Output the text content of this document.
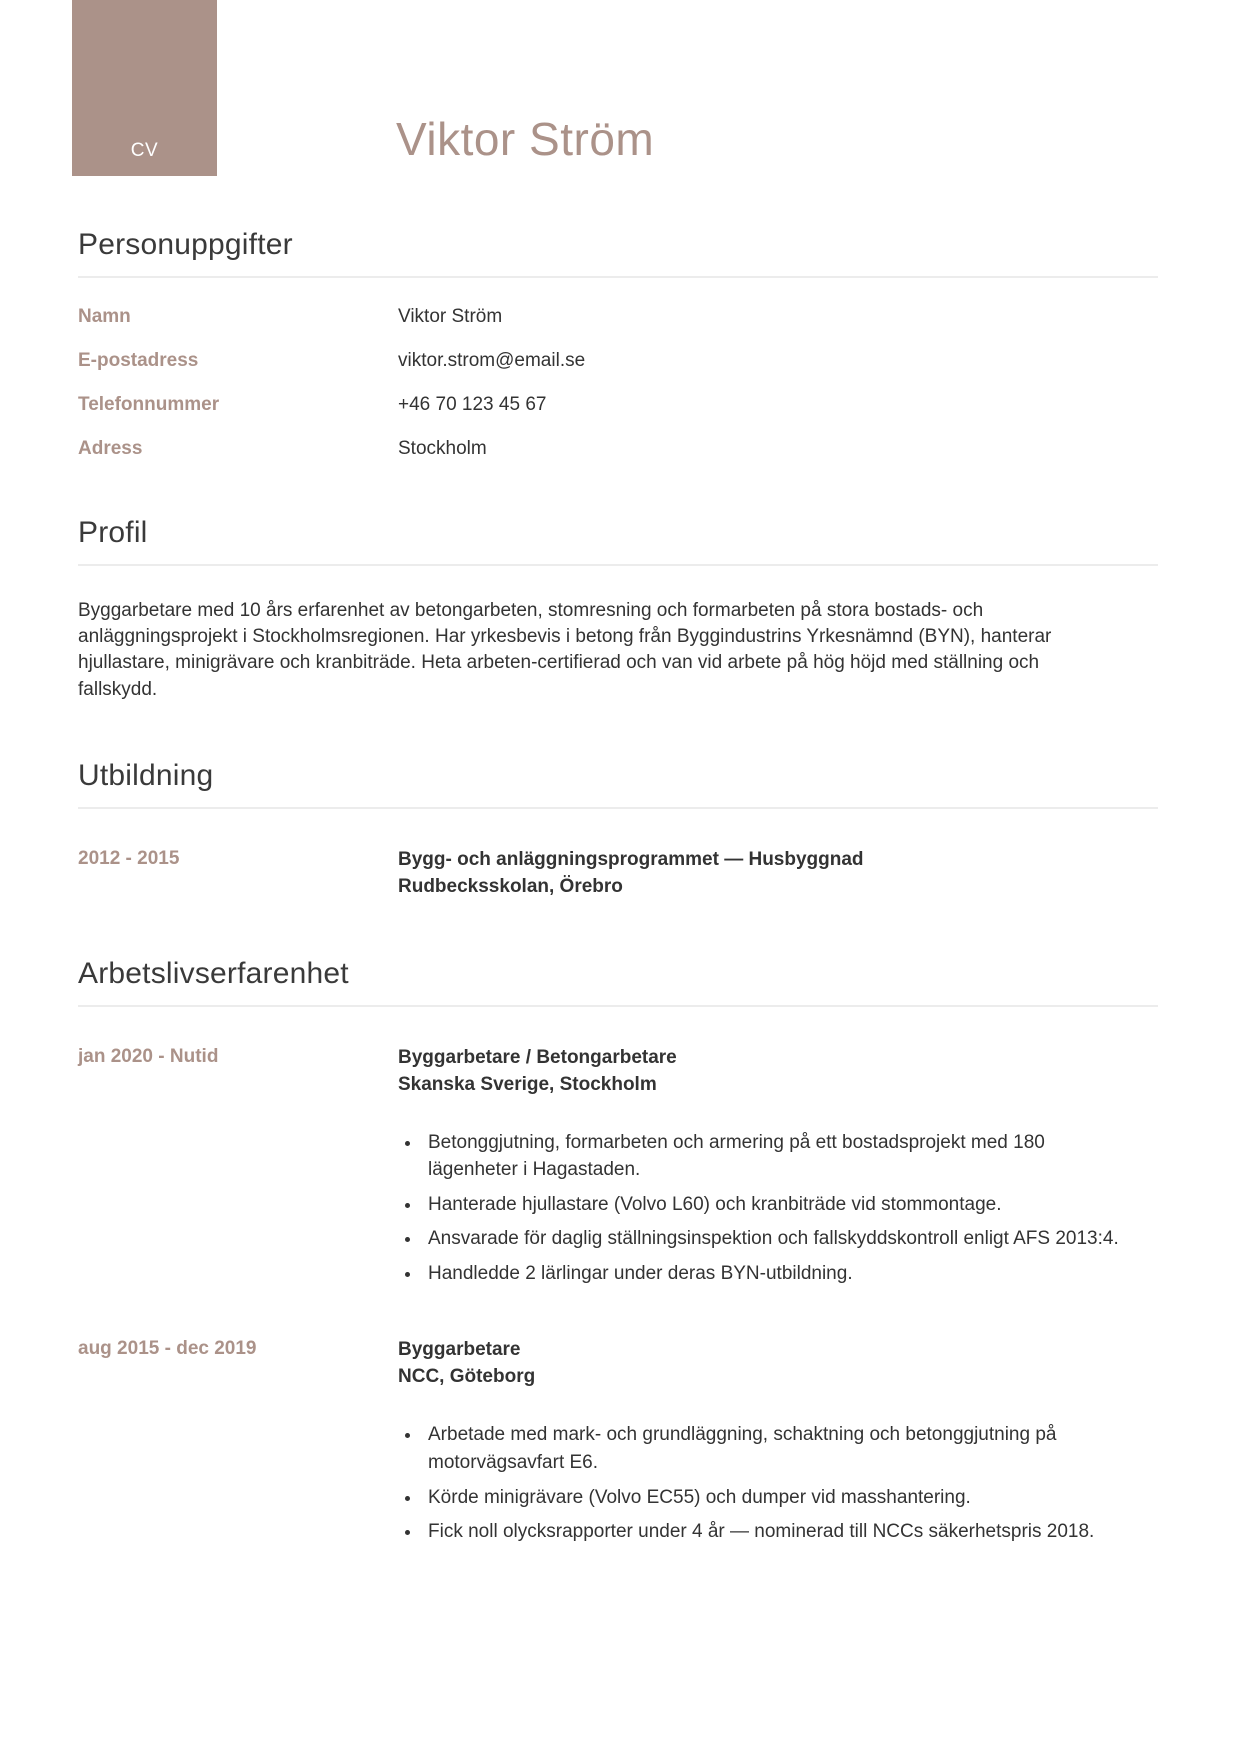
CV	Viktor Ström
Personuppgifter
Namn	Viktor Ström
E-postadress	viktor.strom@email.se
Telefonnummer	+46 70 123 45 67
Adress	Stockholm
Profil

Byggarbetare med 10 års erfarenhet av betongarbeten, stomresning och formarbeten på stora bostads- och anläggningsprojekt i Stockholmsregionen. Har yrkesbevis i betong från Byggindustrins Yrkesnämnd (BYN), hanterar hjullastare, minigrävare och kranbiträde. Heta arbeten-certifierad och van vid arbete på hög höjd med ställning och fallskydd.

Utbildning
2012 - 2015	Bygg- och anläggningsprogrammet — Husbyggnad
Rudbecksskolan, Örebro
Arbetslivserfarenhet
jan 2020 - Nutid	Byggarbetare / Betongarbetare
Skanska Sverige, Stockholm
• Betonggjutning, formarbeten och armering på ett bostadsprojekt med 180 lägenheter i Hagastaden.
• Hanterade hjullastare (Volvo L60) och kranbiträde vid stommontage.
• Ansvarade för daglig ställningsinspektion och fallskyddskontroll enligt AFS 2013:4.
• Handledde 2 lärlingar under deras BYN-utbildning.
aug 2015 - dec 2019	Byggarbetare
NCC, Göteborg
• Arbetade med mark- och grundläggning, schaktning och betonggjutning på motorvägsavfart E6.
• Körde minigrävare (Volvo EC55) och dumper vid masshantering.
• Fick noll olycksrapporter under 4 år — nominerad till NCCs säkerhetspris 2018.
